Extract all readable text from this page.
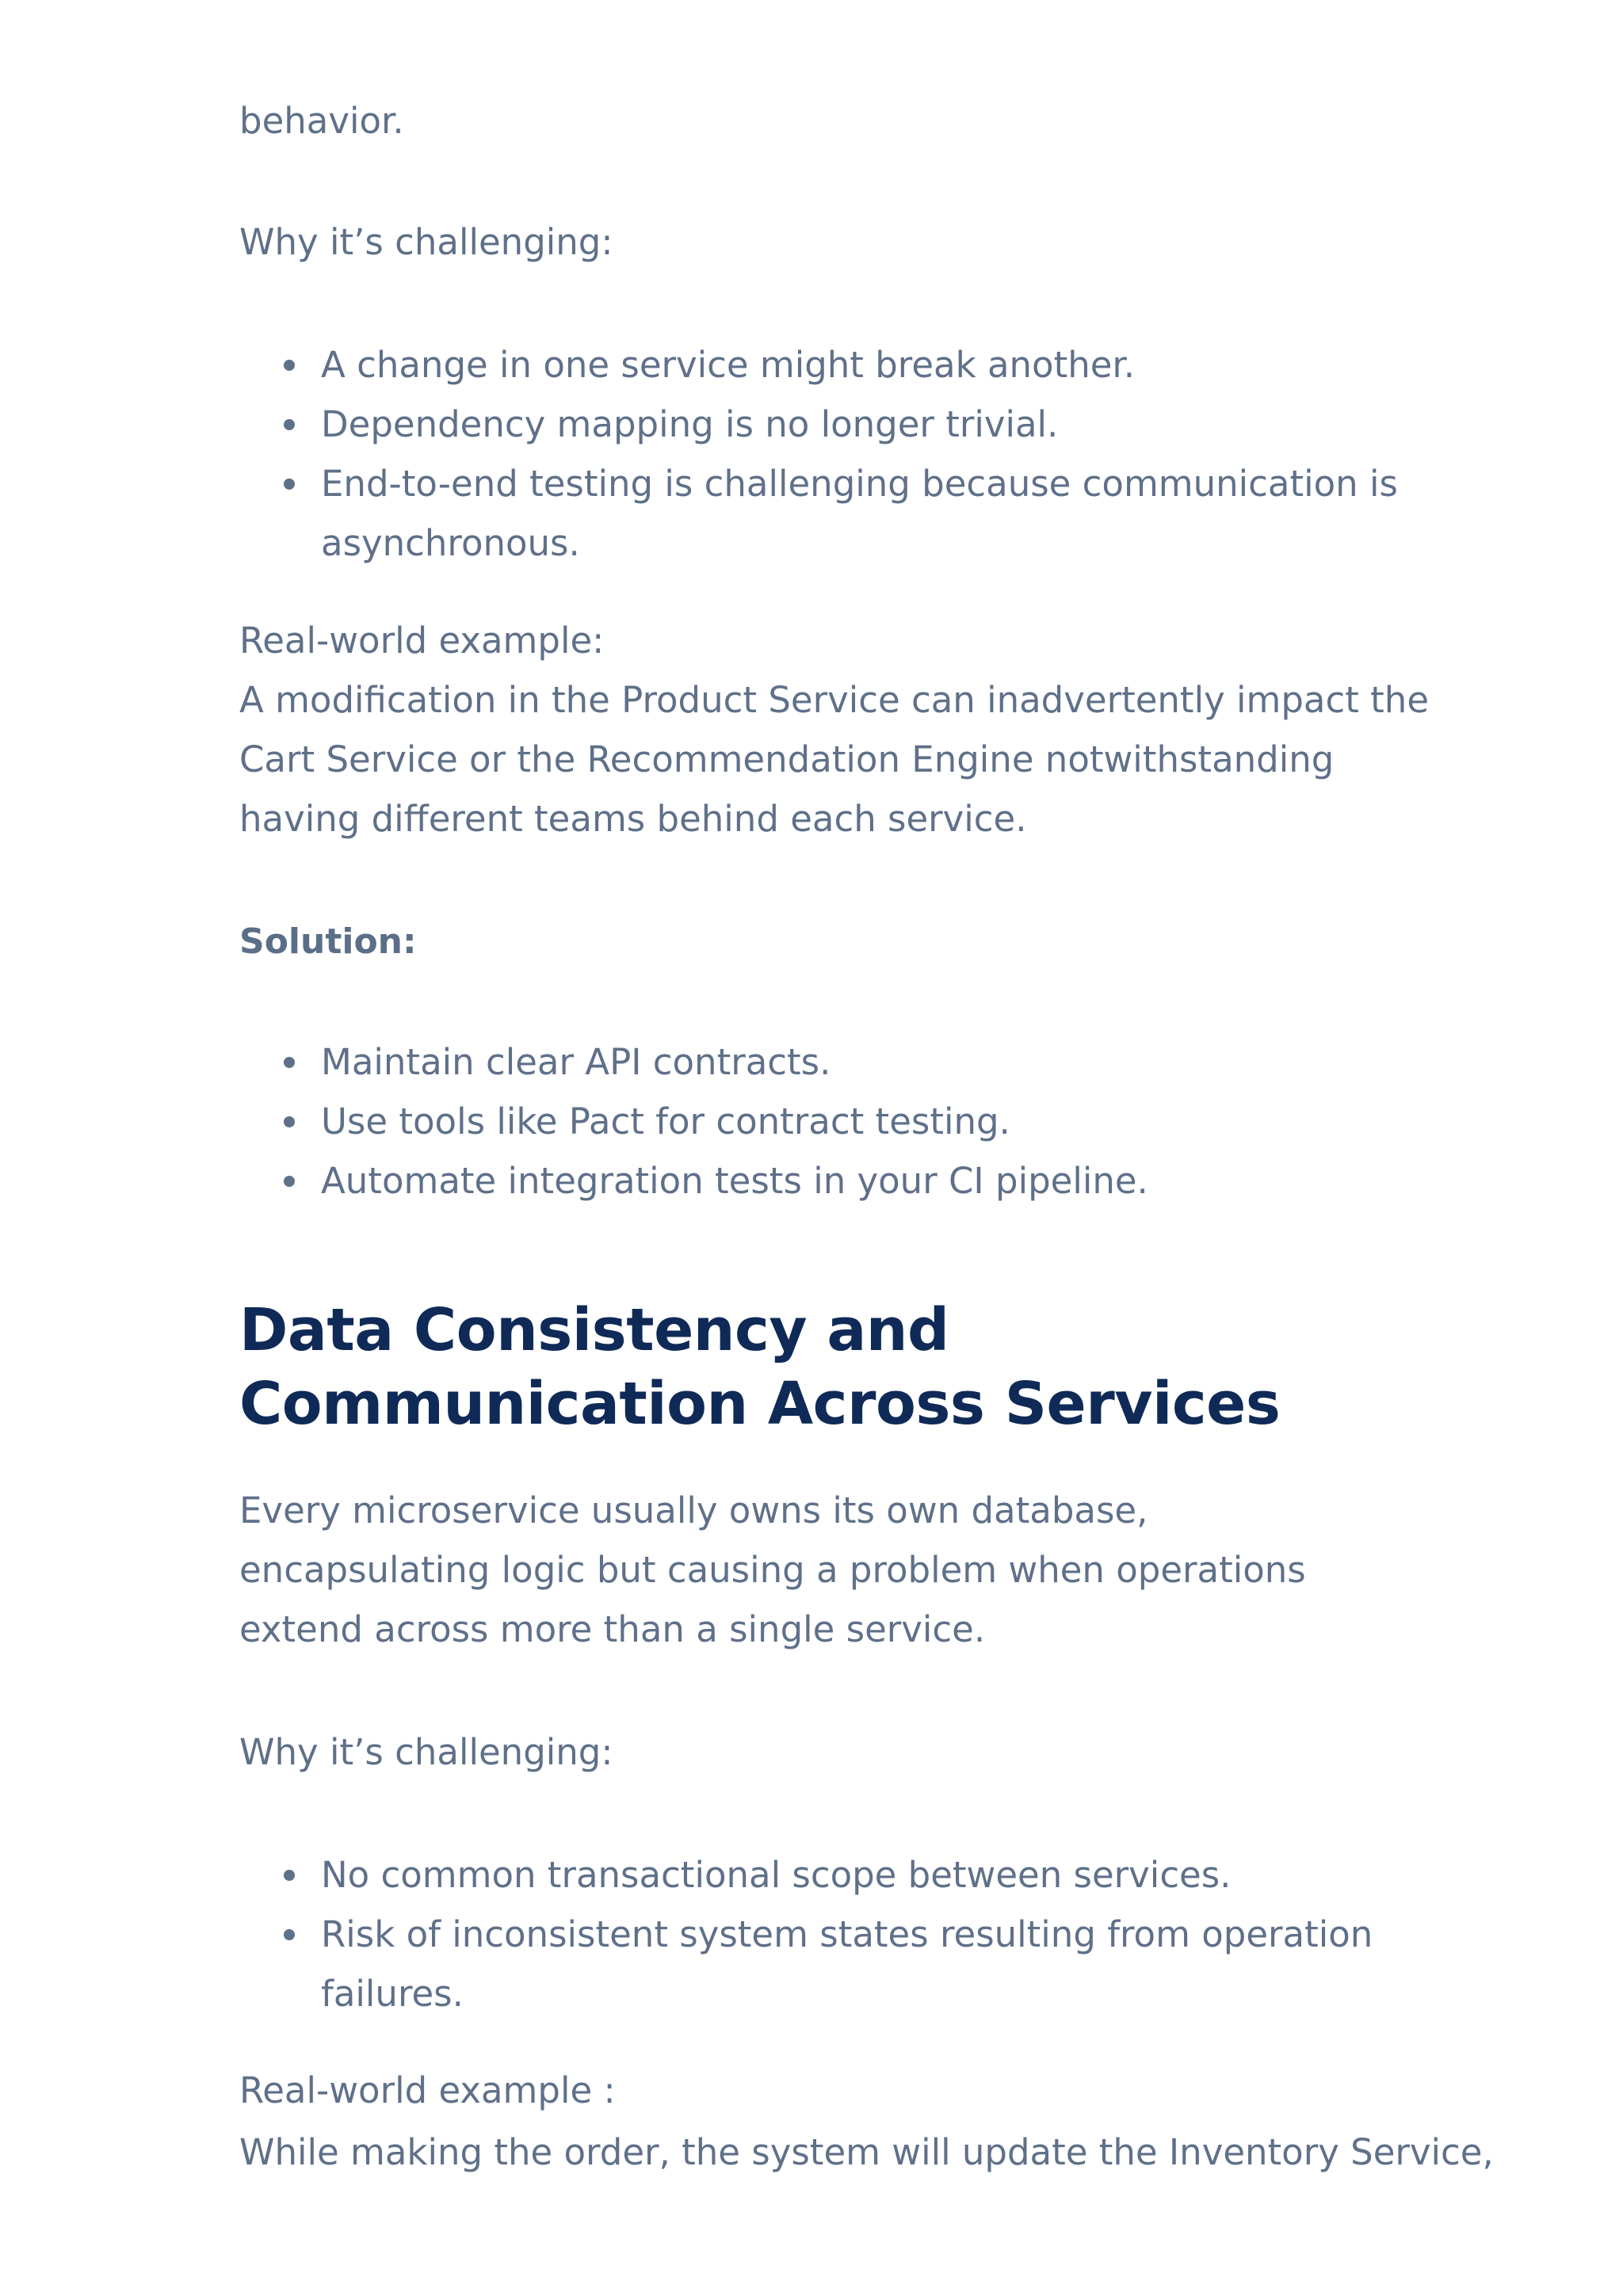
behavior.

Why it’s challenging:

A change in one service might break another.
Dependency mapping is no longer trivial.
End-to-end testing is challenging because communication is asynchronous.

Real-world example:

A modification in the Product Service can inadvertently impact the Cart Service or the Recommendation Engine notwithstanding having different teams behind each service.

Solution:

Maintain clear API contracts.
Use tools like Pact for contract testing.
Automate integration tests in your CI pipeline.
Data Consistency and Communication Across Services

Every microservice usually owns its own database, encapsulating logic but causing a problem when operations extend across more than a single service.

Why it’s challenging:

No common transactional scope between services.
Risk of inconsistent system states resulting from operation failures.

Real-world example :

While making the order, the system will update the Inventory Service,
